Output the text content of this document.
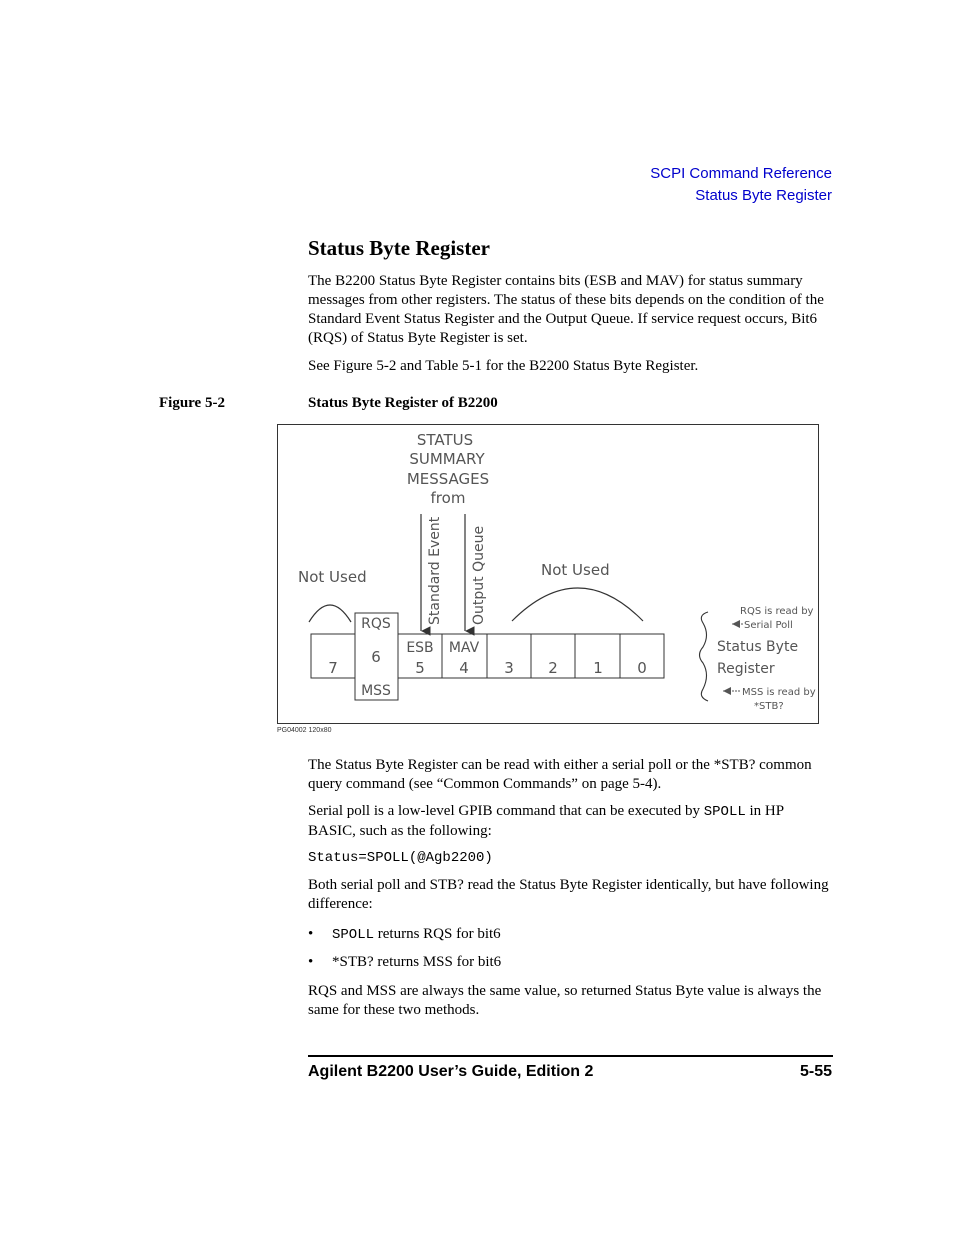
SCPI Command Reference
Status Byte Register
Status Byte Register

The B2200 Status Byte Register contains bits (ESB and MAV) for status summary messages from other registers. The status of these bits depends on the condition of the Standard Event Status Register and the Output Queue. If service request occurs, Bit6 (RQS) of Status Byte Register is set.

See Figure 5-2 and Table 5-1 for the B2200 Status Byte Register.

Figure 5-2	Status Byte Register of B2200
STATUS
SUMMARY
MESSAGES
from
Standard Event Output Queue
Not Used	Not Used
7
RQS
6
MSS
ESB
5
MAV
4 3 2 1 0
Status Byte
Register
RQS is read by
Serial Poll
MSS is read by
*STB?
PG04002 120x80

The Status Byte Register can be read with either a serial poll or the *STB? common query command (see “Common Commands” on page 5-4).

Serial poll is a low-level GPIB command that can be executed by SPOLL in HP BASIC, such as the following:

Status=SPOLL(@Agb2200)

Both serial poll and STB? read the Status Byte Register identically, but have following difference:

• SPOLL returns RQS for bit6
• *STB? returns MSS for bit6

RQS and MSS are always the same value, so returned Status Byte value is always the same for these two methods.

Agilent B2200 User’s Guide, Edition 2	5-55
